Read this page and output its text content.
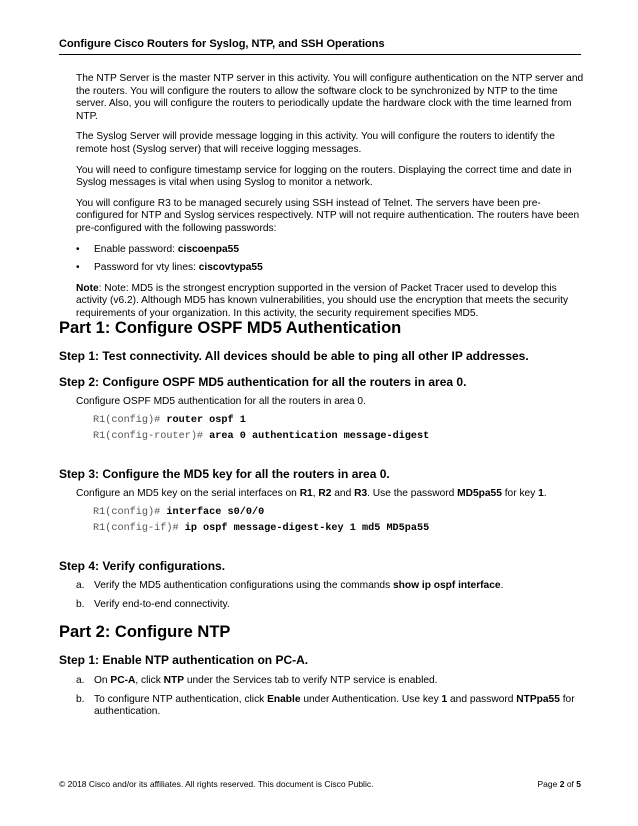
Configure Cisco Routers for Syslog, NTP, and SSH Operations

The NTP Server is the master NTP server in this activity. You will configure authentication on the NTP server and the routers. You will configure the routers to allow the software clock to be synchronized by NTP to the time server. Also, you will configure the routers to periodically update the hardware clock with the time learned from NTP.

The Syslog Server will provide message logging in this activity. You will configure the routers to identify the remote host (Syslog server) that will receive logging messages.

You will need to configure timestamp service for logging on the routers. Displaying the correct time and date in Syslog messages is vital when using Syslog to monitor a network.

You will configure R3 to be managed securely using SSH instead of Telnet. The servers have been pre-configured for NTP and Syslog services respectively. NTP will not require authentication. The routers have been pre-configured with the following passwords:

• Enable password: ciscoenpa55
• Password for vty lines: ciscovtypa55

Note: Note: MD5 is the strongest encryption supported in the version of Packet Tracer used to develop this activity (v6.2). Although MD5 has known vulnerabilities, you should use the encryption that meets the security requirements of your organization. In this activity, the security requirement specifies MD5.

Part 1: Configure OSPF MD5 Authentication
Step 1: Test connectivity. All devices should be able to ping all other IP addresses.
Step 2: Configure OSPF MD5 authentication for all the routers in area 0.
Configure OSPF MD5 authentication for all the routers in area 0.
R1(config)# router ospf 1
R1(config-router)# area 0 authentication message-digest
Step 3: Configure the MD5 key for all the routers in area 0.
Configure an MD5 key on the serial interfaces on R1, R2 and R3. Use the password MD5pa55 for key 1.
R1(config)# interface s0/0/0
R1(config-if)# ip ospf message-digest-key 1 md5 MD5pa55
Step 4: Verify configurations.
a. Verify the MD5 authentication configurations using the commands show ip ospf interface.
b. Verify end-to-end connectivity.
Part 2: Configure NTP
Step 1: Enable NTP authentication on PC-A.
a. On PC-A, click NTP under the Services tab to verify NTP service is enabled.
b. To configure NTP authentication, click Enable under Authentication. Use key 1 and password NTPpa55 for authentication.
© 2018 Cisco and/or its affiliates. All rights reserved. This document is Cisco Public.	Page 2 of 5
